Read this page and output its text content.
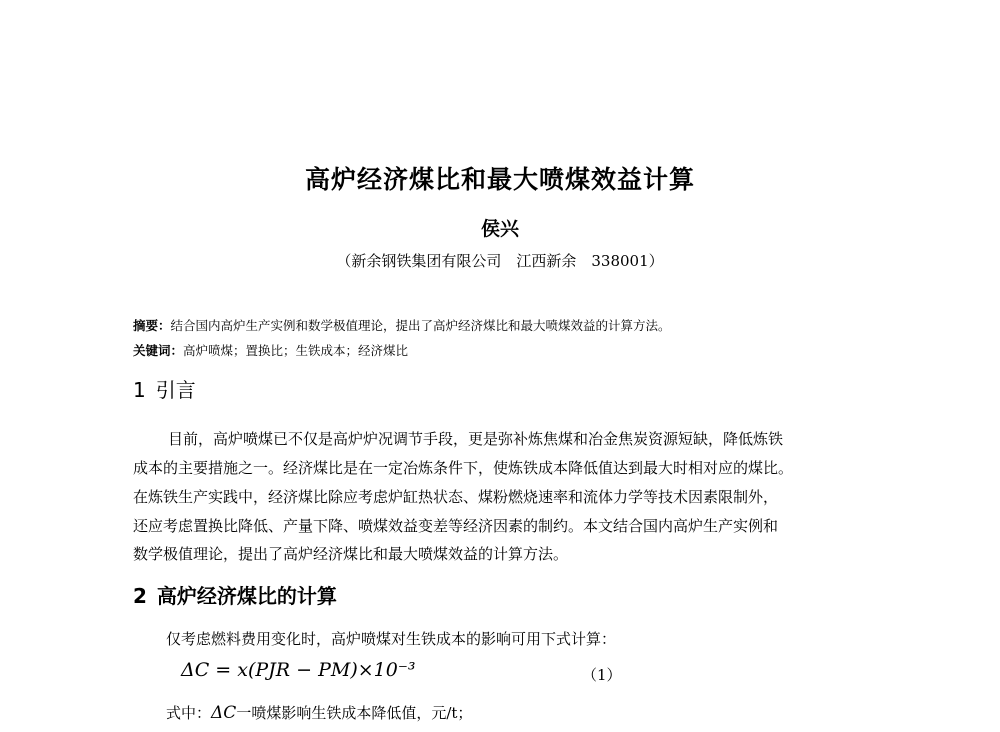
高炉经济煤比和最大喷煤效益计算
侯兴
（新余钢铁集团有限公司　江西新余　338001）
摘要：结合国内高炉生产实例和数学极值理论，提出了高炉经济煤比和最大喷煤效益的计算方法。
关键词：高炉喷煤；置换比；生铁成本；经济煤比
1 引言
目前，高炉喷煤已不仅是高炉炉况调节手段，更是弥补炼焦煤和冶金焦炭资源短缺，降低炼铁
成本的主要措施之一。经济煤比是在一定冶炼条件下，使炼铁成本降低值达到最大时相对应的煤比。
在炼铁生产实践中，经济煤比除应考虑炉缸热状态、煤粉燃烧速率和流体力学等技术因素限制外，
还应考虑置换比降低、产量下降、喷煤效益变差等经济因素的制约。本文结合国内高炉生产实例和
数学极值理论，提出了高炉经济煤比和最大喷煤效益的计算方法。
2 高炉经济煤比的计算
仅考虑燃料费用变化时，高炉喷煤对生铁成本的影响可用下式计算：
ΔC = x(PJR − PM)×10⁻³	（1）
式中：ΔC一喷煤影响生铁成本降低值，元/t；
